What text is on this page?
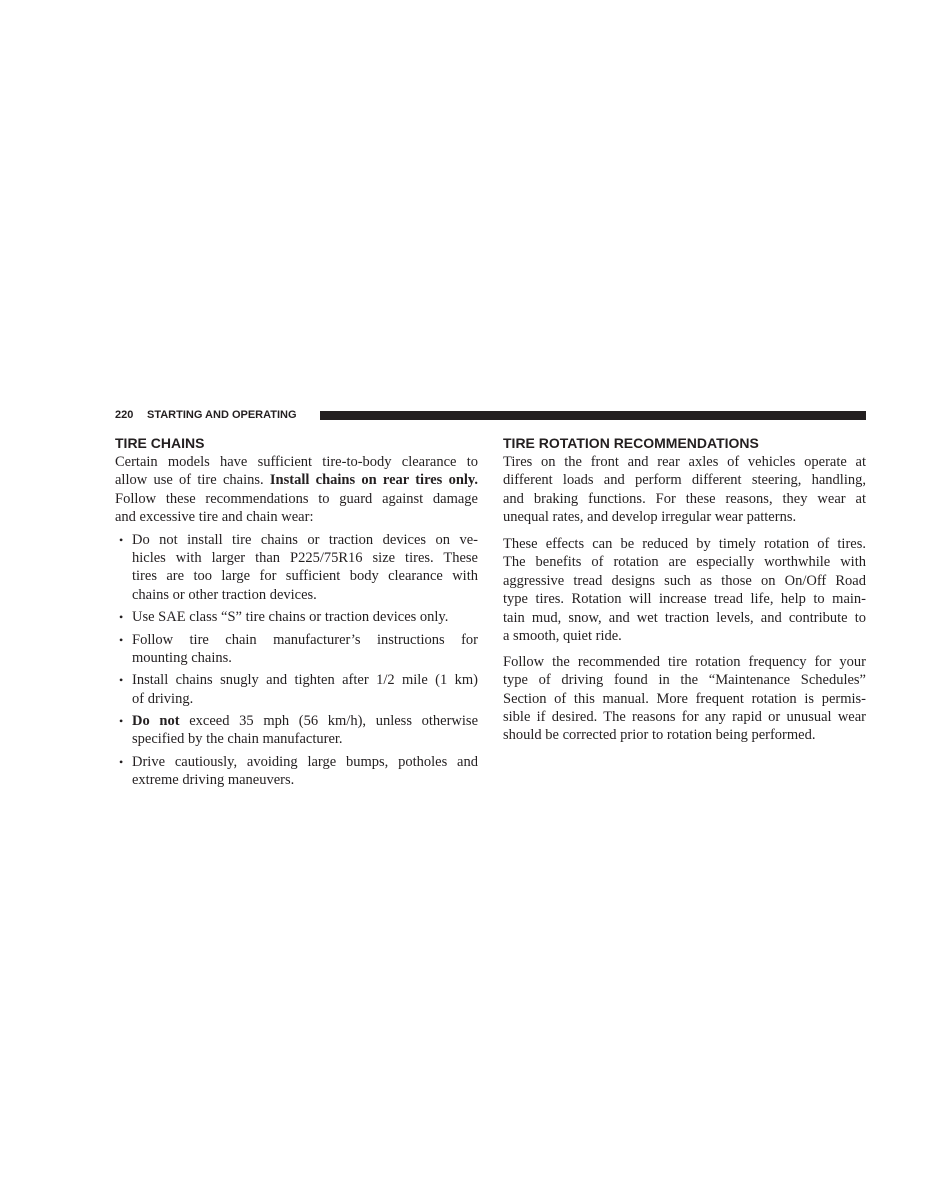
220 STARTING AND OPERATING
TIRE CHAINS
Certain models have sufficient tire-to-body clearance to
allow use of tire chains. Install chains on rear tires only.
Follow these recommendations to guard against damage
and excessive tire and chain wear:
• Do not install tire chains or traction devices on ve-
hicles with larger than P225/75R16 size tires. These
tires are too large for sufficient body clearance with
chains or other traction devices.
• Use SAE class “S” tire chains or traction devices only.
• Follow tire chain manufacturer’s instructions for
mounting chains.
• Install chains snugly and tighten after 1/2 mile (1 km)
of driving.
• Do not exceed 35 mph (56 km/h), unless otherwise
specified by the chain manufacturer.
• Drive cautiously, avoiding large bumps, potholes and
extreme driving maneuvers.
TIRE ROTATION RECOMMENDATIONS
Tires on the front and rear axles of vehicles operate at
different loads and perform different steering, handling,
and braking functions. For these reasons, they wear at
unequal rates, and develop irregular wear patterns.
These effects can be reduced by timely rotation of tires.
The benefits of rotation are especially worthwhile with
aggressive tread designs such as those on On/Off Road
type tires. Rotation will increase tread life, help to main-
tain mud, snow, and wet traction levels, and contribute to
a smooth, quiet ride.
Follow the recommended tire rotation frequency for your
type of driving found in the “Maintenance Schedules”
Section of this manual. More frequent rotation is permis-
sible if desired. The reasons for any rapid or unusual wear
should be corrected prior to rotation being performed.
